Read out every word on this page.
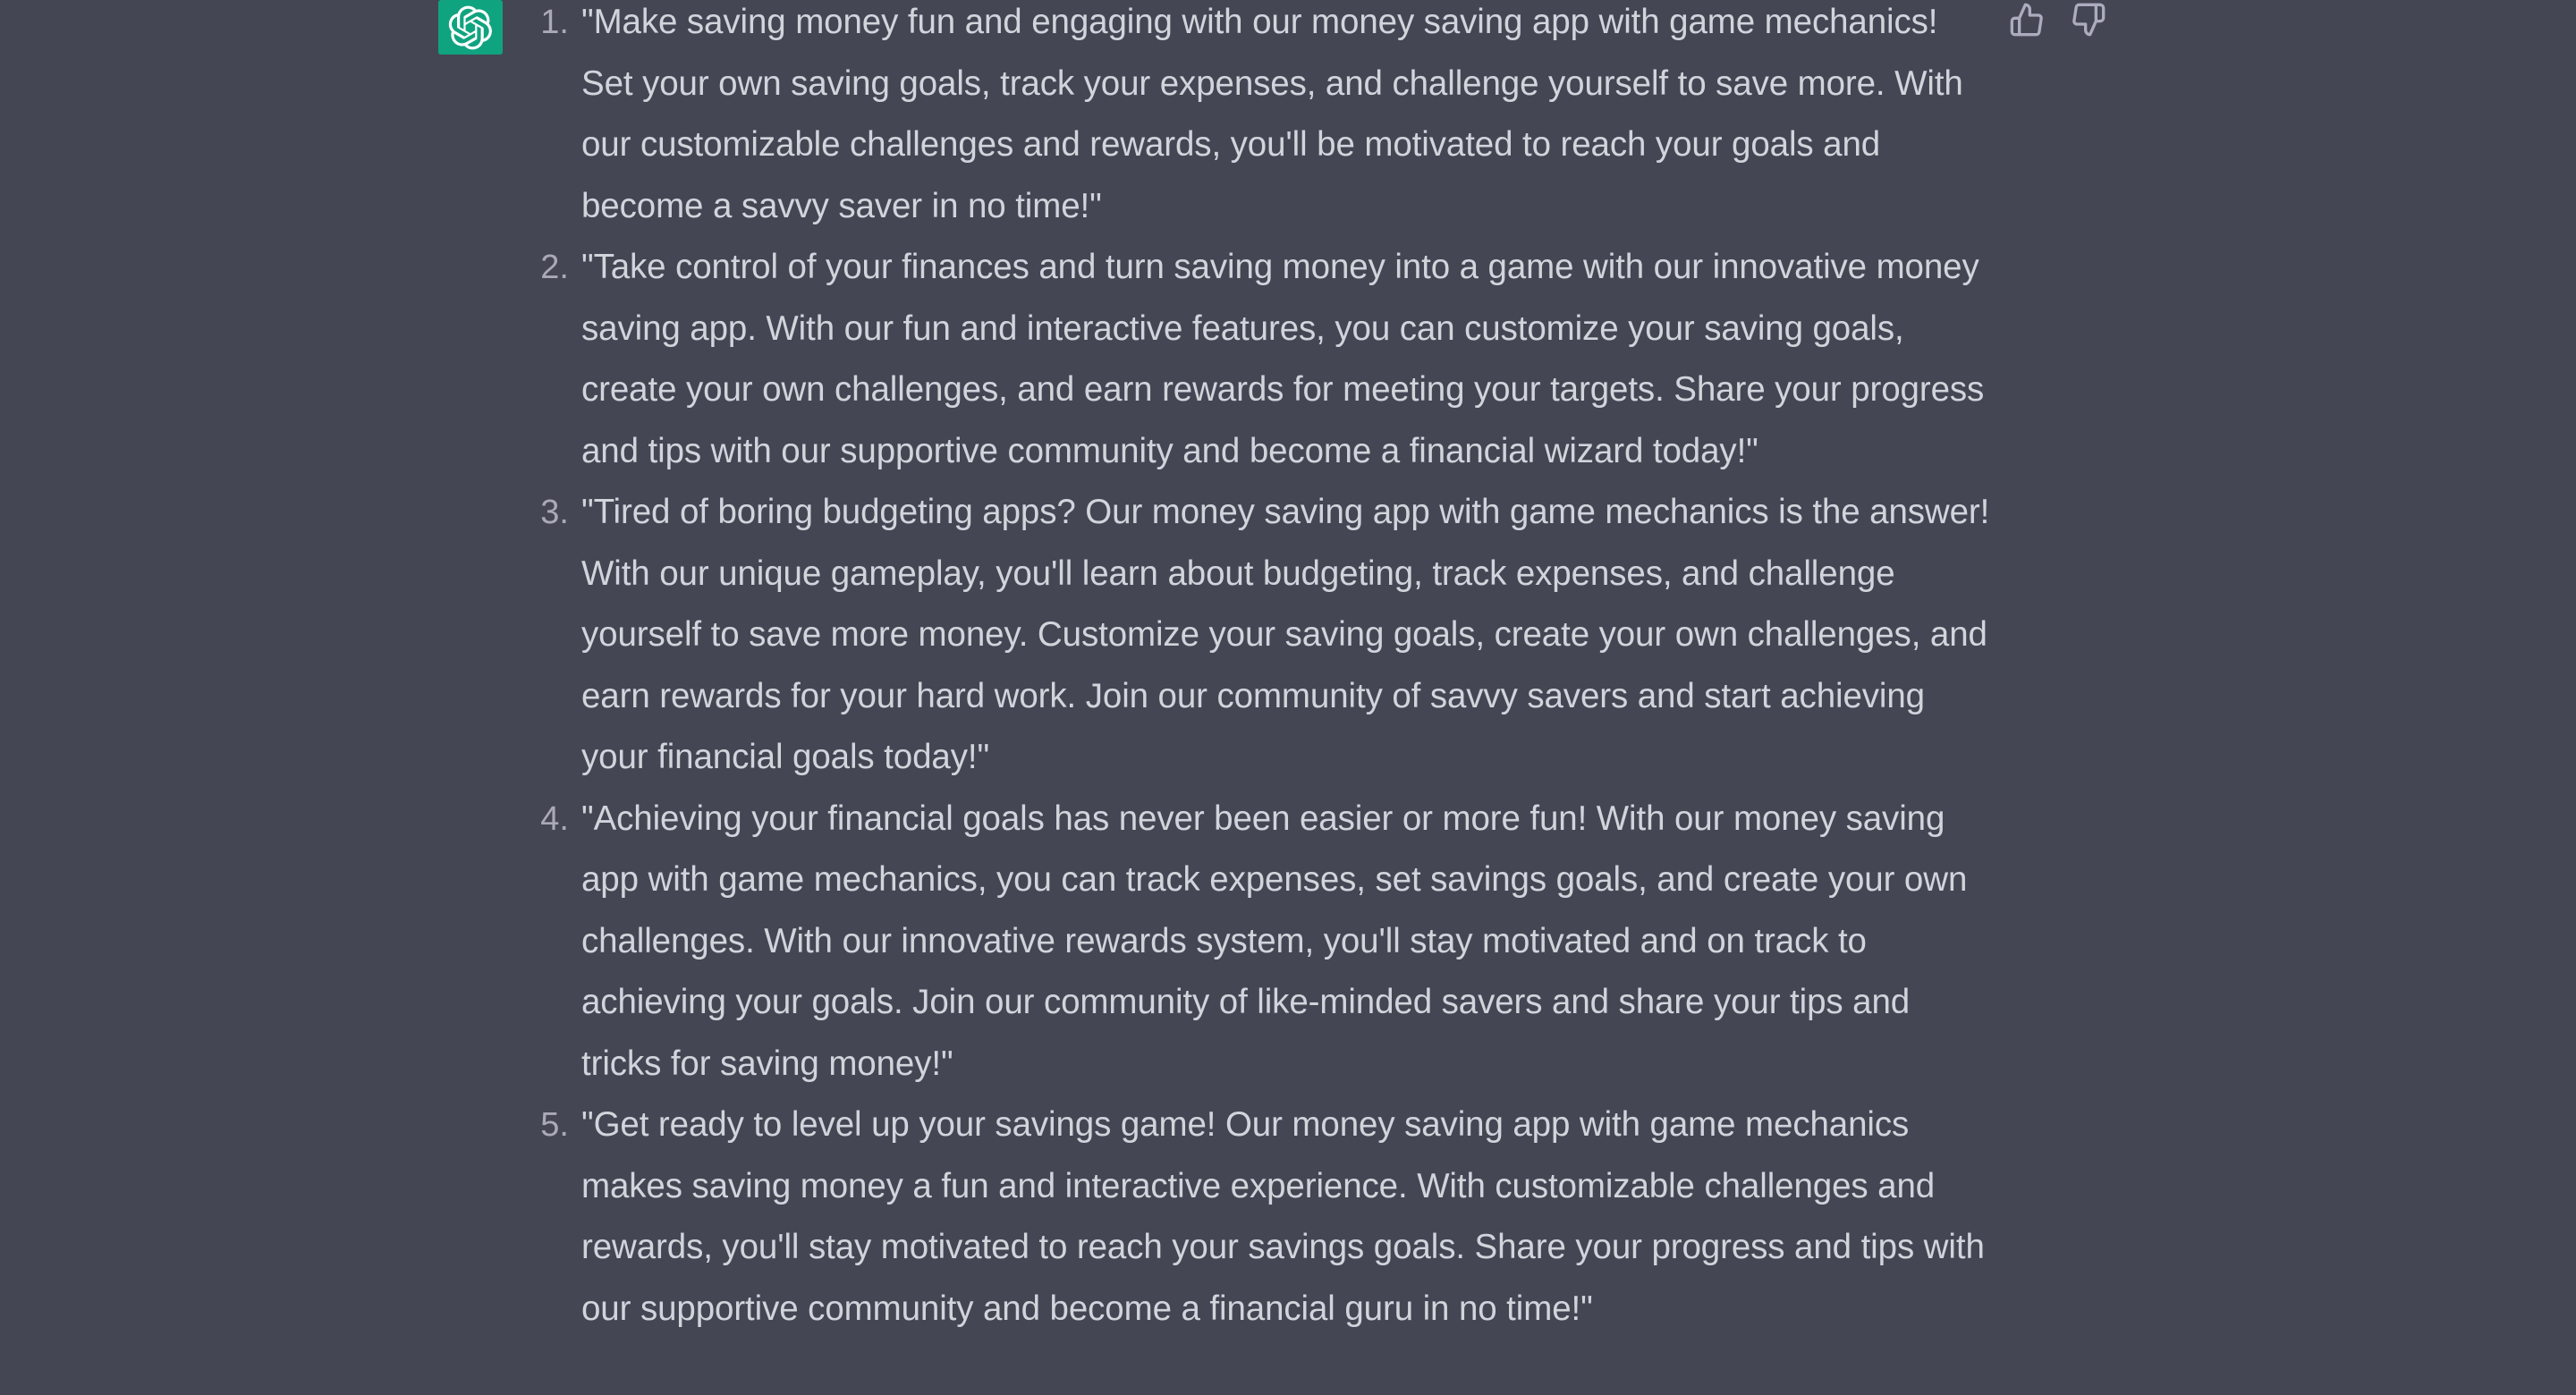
1. "Make saving money fun and engaging with our money saving app with game mechanics! Set your own saving goals, track your expenses, and challenge yourself to save more. With our customizable challenges and rewards, you'll be motivated to reach your goals and become a savvy saver in no time!"
2. "Take control of your finances and turn saving money into a game with our innovative money saving app. With our fun and interactive features, you can customize your saving goals, create your own challenges, and earn rewards for meeting your targets. Share your progress and tips with our supportive community and become a financial wizard today!"
3. "Tired of boring budgeting apps? Our money saving app with game mechanics is the answer! With our unique gameplay, you'll learn about budgeting, track expenses, and challenge yourself to save more money. Customize your saving goals, create your own challenges, and earn rewards for your hard work. Join our community of savvy savers and start achieving your financial goals today!"
4. "Achieving your financial goals has never been easier or more fun! With our money saving app with game mechanics, you can track expenses, set savings goals, and create your own challenges. With our innovative rewards system, you'll stay motivated and on track to achieving your goals. Join our community of like-minded savers and share your tips and tricks for saving money!"
5. "Get ready to level up your savings game! Our money saving app with game mechanics makes saving money a fun and interactive experience. With customizable challenges and rewards, you'll stay motivated to reach your savings goals. Share your progress and tips with our supportive community and become a financial guru in no time!"
